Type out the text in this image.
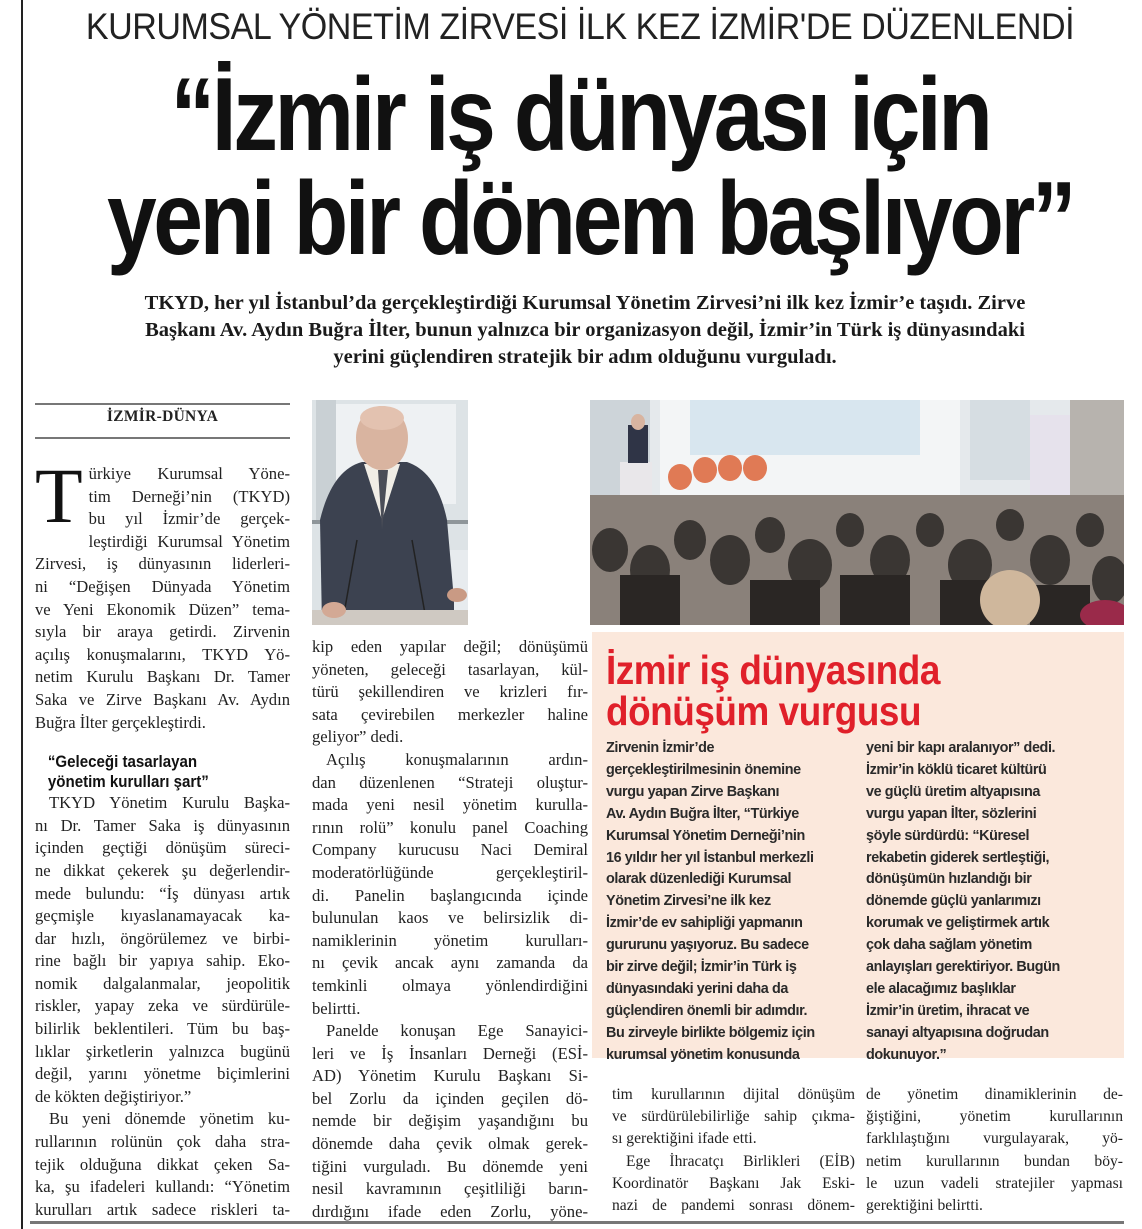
KURUMSAL YÖNETİM ZİRVESİ İLK KEZ İZMİR'DE DÜZENLENDİ
“İzmir iş dünyası için
yeni bir dönem başlıyor”
TKYD, her yıl İstanbul’da gerçekleştirdiği Kurumsal Yönetim Zirvesi’ni ilk kez İzmir’e taşıdı. Zirve
Başkanı Av. Aydın Buğra İlter, bunun yalnızca bir organizasyon değil, İzmir’in Türk iş dünyasındaki
yerini güçlendiren stratejik bir adım olduğunu vurguladı.
İZMİR-DÜNYA
T ürkiye Kurumsal Yöne-
tim Derneği’nin (TKYD)
bu yıl İzmir’de gerçek-
leştirdiği Kurumsal Yönetim
Zirvesi, iş dünyasının liderleri-
ni “Değişen Dünyada Yönetim
ve Yeni Ekonomik Düzen” tema-
sıyla bir araya getirdi. Zirvenin
açılış konuşmalarını, TKYD Yö-
netim Kurulu Başkanı Dr. Tamer
Saka ve Zirve Başkanı Av. Aydın
Buğra İlter gerçekleştirdi.
“Geleceği tasarlayan
yönetim kurulları şart”
TKYD Yönetim Kurulu Başka-
nı Dr. Tamer Saka iş dünyasının
içinden geçtiği dönüşüm süreci-
ne dikkat çekerek şu değerlendir-
mede bulundu: “İş dünyası artık
geçmişle kıyaslanamayacak ka-
dar hızlı, öngörülemez ve birbi-
rine bağlı bir yapıya sahip. Eko-
nomik dalgalanmalar, jeopolitik
riskler, yapay zeka ve sürdürüle-
bilirlik beklentileri. Tüm bu baş-
lıklar şirketlerin yalnızca bugünü
değil, yarını yönetme biçimlerini
de kökten değiştiriyor.”
Bu yeni dönemde yönetim ku-
rullarının rolünün çok daha stra-
tejik olduğuna dikkat çeken Sa-
ka, şu ifadeleri kullandı: “Yönetim
kurulları artık sadece riskleri ta-
kip eden yapılar değil; dönüşümü
yöneten, geleceği tasarlayan, kül-
türü şekillendiren ve krizleri fır-
sata çevirebilen merkezler haline
geliyor” dedi.
Açılış konuşmalarının ardın-
dan düzenlenen “Strateji oluştur-
mada yeni nesil yönetim kurulla-
rının rolü” konulu panel Coaching
Company kurucusu Naci Demiral
moderatörlüğünde gerçekleştiril-
di. Panelin başlangıcında içinde
bulunulan kaos ve belirsizlik di-
namiklerinin yönetim kurulları-
nı çevik ancak aynı zamanda da
temkinli olmaya yönlendirdiğini
belirtti.
Panelde konuşan Ege Sanayici-
leri ve İş İnsanları Derneği (ESİ-
AD) Yönetim Kurulu Başkanı Si-
bel Zorlu da içinden geçilen dö-
nemde bir değişim yaşandığını bu
dönemde daha çevik olmak gerek-
tiğini vurguladı. Bu dönemde yeni
nesil kavramının çeşitliliği barın-
dırdığını ifade eden Zorlu, yöne-
İzmir iş dünyasında
dönüşüm vurgusu
Zirvenin İzmir’de
gerçekleştirilmesinin önemine
vurgu yapan Zirve Başkanı
Av. Aydın Buğra İlter, “Türkiye
Kurumsal Yönetim Derneği’nin
16 yıldır her yıl İstanbul merkezli
olarak düzenlediği Kurumsal
Yönetim Zirvesi’ne ilk kez
İzmir’de ev sahipliği yapmanın
gururunu yaşıyoruz. Bu sadece
bir zirve değil; İzmir’in Türk iş
dünyasındaki yerini daha da
güçlendiren önemli bir adımdır.
Bu zirveyle birlikte bölgemiz için
kurumsal yönetim konusunda
yeni bir kapı aralanıyor” dedi.
İzmir’in köklü ticaret kültürü
ve güçlü üretim altyapısına
vurgu yapan İlter, sözlerini
şöyle sürdürdü: “Küresel
rekabetin giderek sertleştiği,
dönüşümün hızlandığı bir
dönemde güçlü yanlarımızı
korumak ve geliştirmek artık
çok daha sağlam yönetim
anlayışları gerektiriyor. Bugün
ele alacağımız başlıklar
İzmir’in üretim, ihracat ve
sanayi altyapısına doğrudan
dokunuyor.”
tim kurullarının dijital dönüşüm
ve sürdürülebilirliğe sahip çıkma-
sı gerektiğini ifade etti.
Ege İhracatçı Birlikleri (EİB)
Koordinatör Başkanı Jak Eski-
nazi de pandemi sonrası dönem-
de yönetim dinamiklerinin de-
ğiştiğini, yönetim kurullarının
farklılaştığını vurgulayarak, yö-
netim kurullarının bundan böy-
le uzun vadeli stratejiler yapması
gerektiğini belirtti.
